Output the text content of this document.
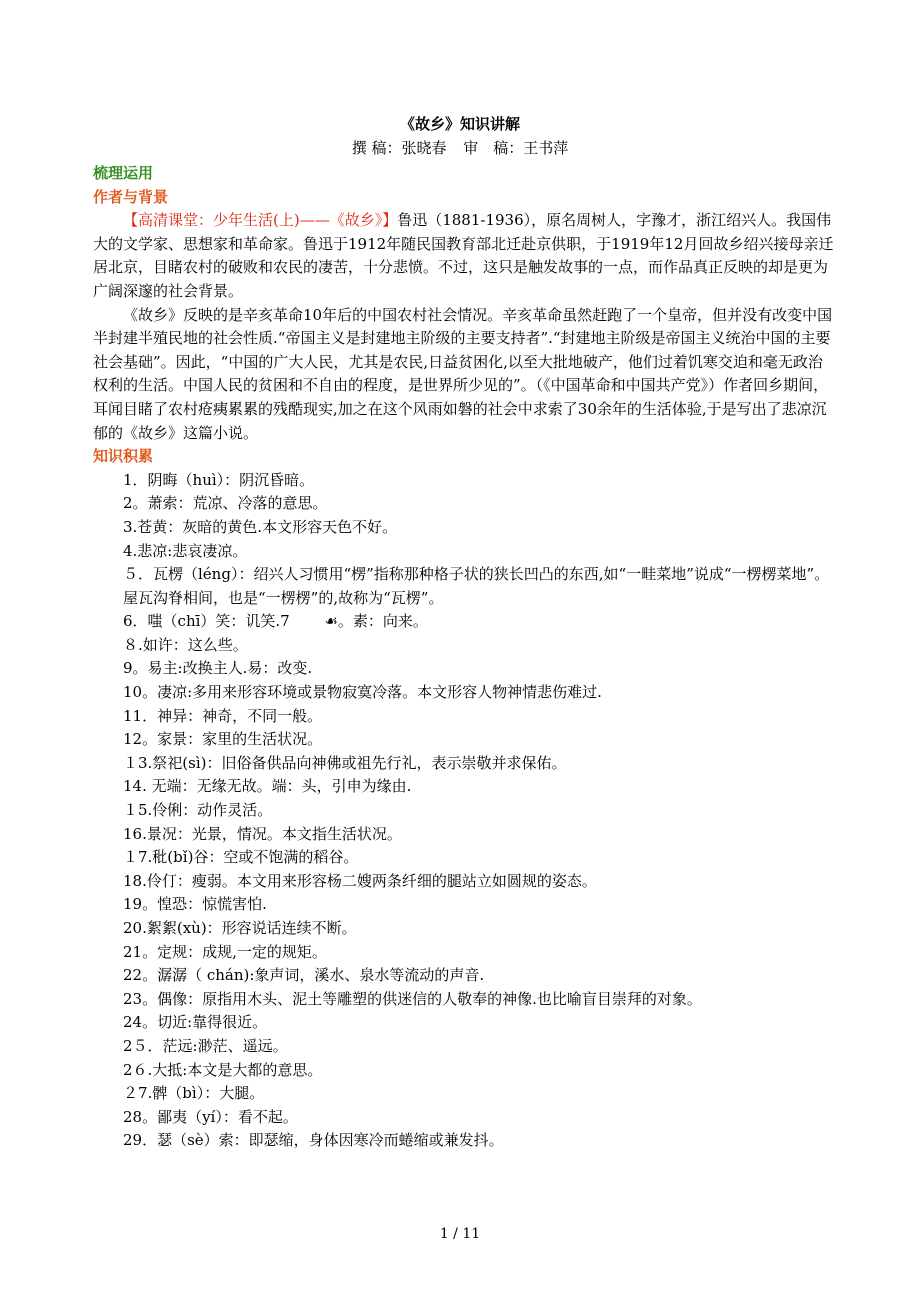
《故乡》知识讲解
撰 稿：张晓春 审　稿：王书萍

梳理运用

作者与背景

【高清课堂：少年生活(上)——《故乡》】鲁迅（1881-1936），原名周树人，字豫才，浙江绍兴人。我国伟大的文学家、思想家和革命家。鲁迅于1912年随民国教育部北迁赴京供职，于1919年12月回故乡绍兴接母亲迁居北京，目睹农村的破败和农民的凄苦，十分悲愤。不过，这只是触发故事的一点，而作品真正反映的却是更为广阔深邃的社会背景。

《故乡》反映的是辛亥革命10年后的中国农村社会情况。辛亥革命虽然赶跑了一个皇帝，但并没有改变中国半封建半殖民地的社会性质.“帝国主义是封建地主阶级的主要支持者”.“封建地主阶级是帝国主义统治中国的主要社会基础”。因此，“中国的广大人民，尤其是农民,日益贫困化,以至大批地破产，他们过着饥寒交迫和毫无政治权利的生活。中国人民的贫困和不自由的程度，是世界所少见的”。（《中国革命和中国共产党》）作者回乡期间，耳闻目睹了农村疮痍累累的残酷现实,加之在这个风雨如磐的社会中求索了30余年的生活体验,于是写出了悲凉沉郁的《故乡》这篇小说。

知识积累

1．阴晦（huì）：阴沉昏暗。

2。萧索：荒凉、冷落的意思。

3.苍黄：灰暗的黄色.本文形容天色不好。

4.悲凉:悲哀凄凉。

５．瓦楞（léng）：绍兴人习惯用“楞”指称那种格子状的狭长凹凸的东西,如“一畦菜地”说成“一楞楞菜地”。屋瓦沟脊相间，也是“一楞楞”的,故称为“瓦楞”。

6．嗤（chī）笑：讥笑.7　　 ☙。素：向来。

８.如许：这么些。

9。易主:改换主人.易：改变.

10。凄凉:多用来形容环境或景物寂寞冷落。本文形容人物神情悲伤难过.

11．神异：神奇，不同一般。

12。家景：家里的生活状况。

１3.祭祀(sì)：旧俗备供品向神佛或祖先行礼，表示崇敬并求保佑。

14. 无端：无缘无故。端：头，引申为缘由.

１5.伶俐：动作灵活。

16.景况：光景，情况。本文指生活状况。

１7.秕(bǐ)谷：空或不饱满的稻谷。

18.伶仃：瘦弱。本文用来形容杨二嫂两条纤细的腿站立如圆规的姿态。

19。惶恐：惊慌害怕.

20.絮絮(xù)：形容说话连续不断。

21。定规：成规,一定的规矩。

22。潺潺（ chán):象声词，溪水、泉水等流动的声音.

23。偶像：原指用木头、泥土等雕塑的供迷信的人敬奉的神像.也比喻盲目崇拜的对象。

24。切近:靠得很近。

2５．茫远:渺茫、遥远。

2６.大抵:本文是大都的意思。

２7.髀（bì）：大腿。

28。鄙夷（yí）：看不起。

29．瑟（sè）索：即瑟缩，身体因寒冷而蜷缩或兼发抖。

1 / 11
